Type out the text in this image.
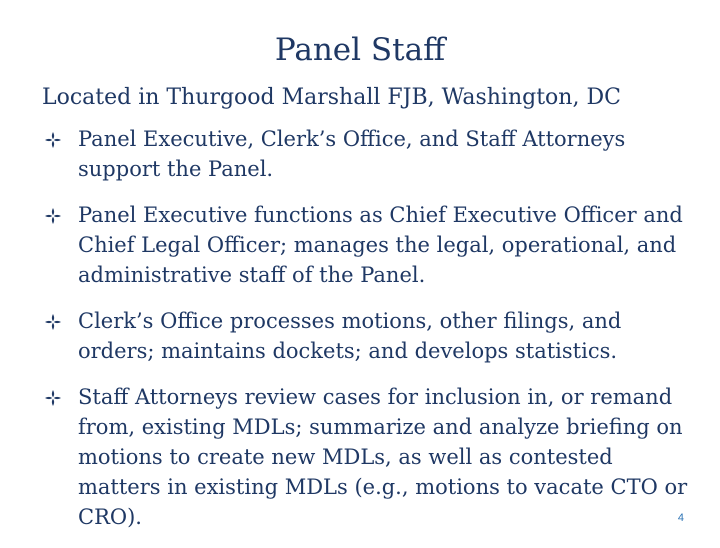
Panel Staff
Located in Thurgood Marshall FJB, Washington, DC
Panel Executive, Clerk’s Office, and Staff Attorneys support the Panel.
Panel Executive functions as Chief Executive Officer and Chief Legal Officer; manages the legal, operational, and administrative staff of the Panel.
Clerk’s Office processes motions, other filings, and orders; maintains dockets; and develops statistics.
Staff Attorneys review cases for inclusion in, or remand from, existing MDLs; summarize and analyze briefing on motions to create new MDLs, as well as contested matters in existing MDLs (e.g., motions to vacate CTO or CRO).	4
